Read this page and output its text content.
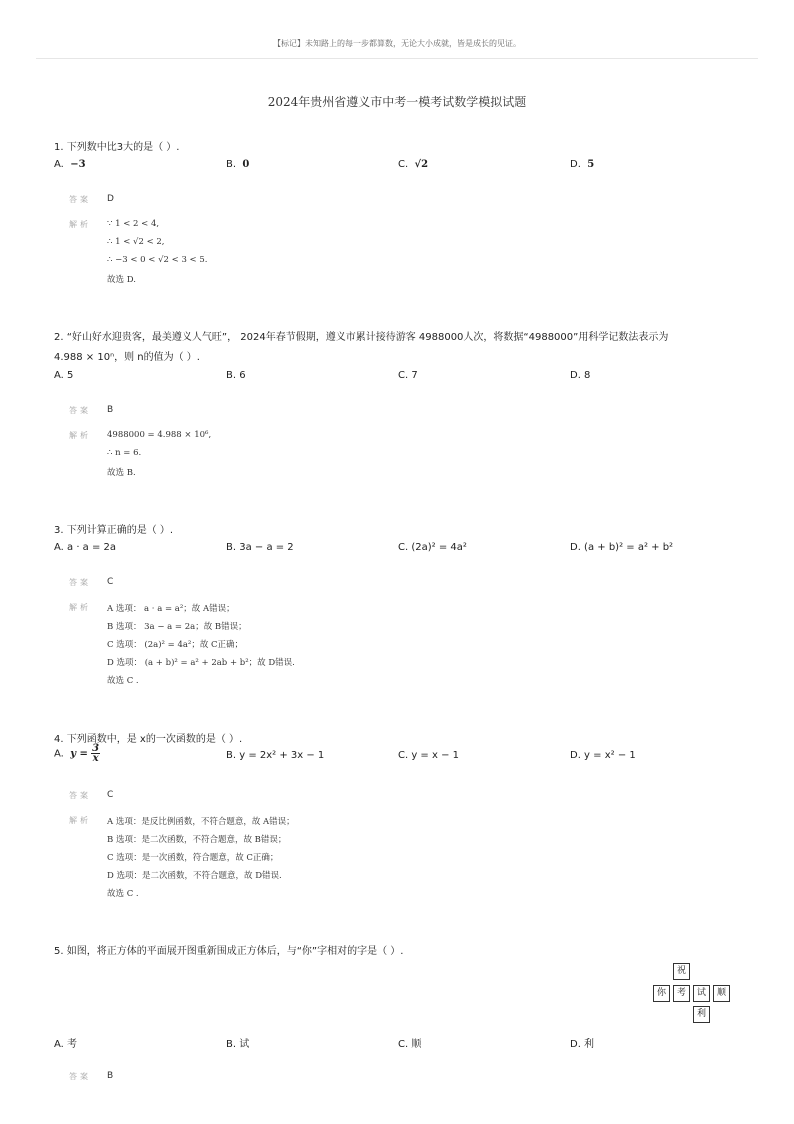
【标记】未知路上的每一步都算数，无论大小成就，皆是成长的见证。
2024年贵州省遵义市中考一模考试数学模拟试题
1. 下列数中比3大的是（ ）.
A. −3	B. 0	C. √2	D. 5
答案 D
解析 ∵ 1 < 2 < 4,
∴ 1 < √2 < 2,
∴ −3 < 0 < √2 < 3 < 5.
故选 D.
2. “好山好水迎贵客，最美遵义人气旺”， 2024年春节假期，遵义市累计接待游客 4988000人次，将数据“4988000”用科学记数法表示为
4.988 × 10ⁿ，则 n的值为（ ）.
A. 5	B. 6	C. 7	D. 8
答案 B
解析 4988000 = 4.988 × 10⁶,
∴ n = 6.
故选 B.
3. 下列计算正确的是（ ）.
A. a · a = 2a	B. 3a − a = 2	C. (2a)² = 4a²	D. (a + b)² = a² + b²
答案 C
解析 A 选项： a · a = a²；故 A错误；
B 选项： 3a − a = 2a；故 B错误；
C 选项： (2a)² = 4a²；故 C正确；
D 选项： (a + b)² = a² + 2ab + b²；故 D错误.
故选 C .
4. 下列函数中，是 x的一次函数的是（ ）.
A. $y = \frac{3}{x}$	B. y = 2x² + 3x − 1	C. y = x − 1	D. y = x² − 1
答案 C
解析 A 选项：是反比例函数，不符合题意，故 A错误；
B 选项：是二次函数，不符合题意，故 B错误；
C 选项：是一次函数，符合题意，故 C正确；
D 选项：是二次函数，不符合题意，故 D错误.
故选 C .
5. 如图，将正方体的平面展开图重新围成正方体后，与“你”字相对的字是（ ）.
祝
你	考	试	顺
利
A. 考	B. 试	C. 顺	D. 利
答案 B
